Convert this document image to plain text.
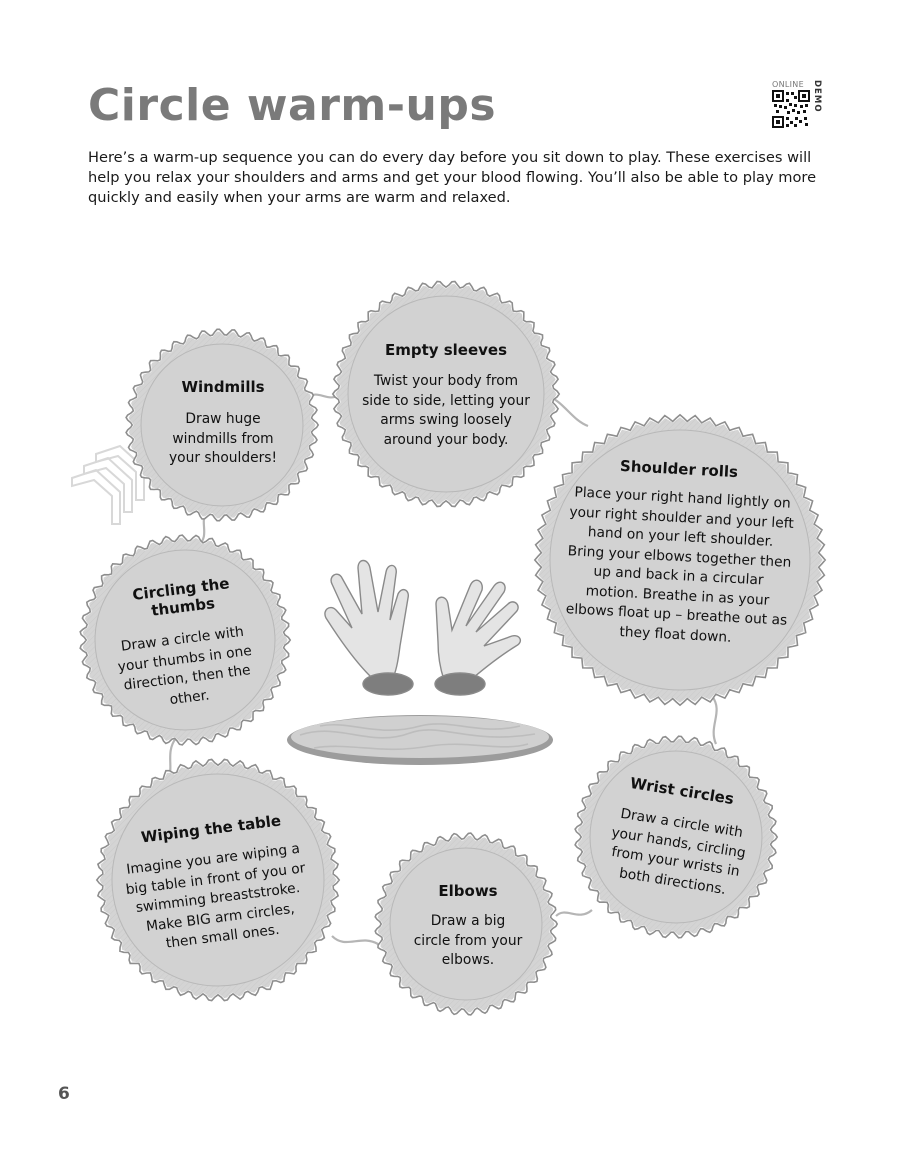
Circle warm-ups
Here’s a warm-up sequence you can do every day before you sit down to play. These exercises will help you relax your shoulders and arms and get your blood flowing. You’ll also be able to play more quickly and easily when your arms are warm and relaxed.
ONLINE DEMO
Windmills
Draw huge windmills from your shoulders!
Empty sleeves
Twist your body from side to side, letting your arms swing loosely around your body.
Shoulder rolls
Place your right hand lightly on your right shoulder and your left hand on your left shoulder. Bring your elbows together then up and back in a circular motion. Breathe in as your elbows float up – breathe out as they float down.
Circling the thumbs
Draw a circle with your thumbs in one direction, then the other.
Wrist circles
Draw a circle with your hands, circling from your wrists in both directions.
Wiping the table
Imagine you are wiping a big table in front of you or swimming breaststroke. Make BIG arm circles, then small ones.
Elbows
Draw a big circle from your elbows.
6
